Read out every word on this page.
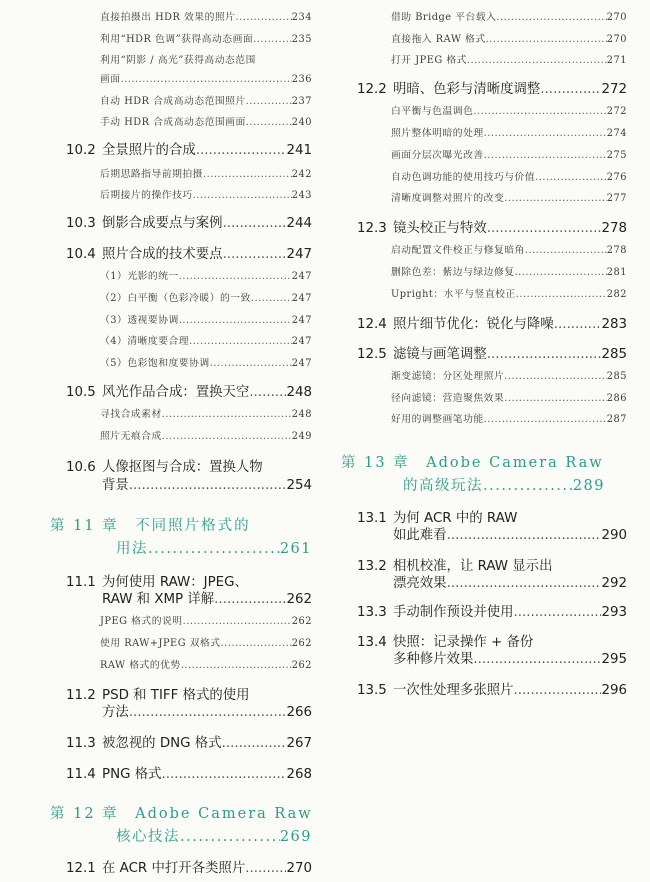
直接拍摄出 HDR 效果的照片 .....	234
利用“HDR 色调”获得高动态画面 .....	235
利用“阴影 / 高光”获得高动态范围
画面 .....	236
自动 HDR 合成高动态范围照片 .....	237
手动 HDR 合成高动态范围画面 .....	240
10.2 全景照片的合成 .....	241
后期思路指导前期拍摄 .....	242
后期接片的操作技巧 .....	243
10.3 倒影合成要点与案例 .....	244
10.4 照片合成的技术要点 .....	247
（1）光影的统一 .....	247
（2）白平衡（色彩冷暖）的一致 .....	247
（3）透视要协调 .....	247
（4）清晰度要合理 .....	247
（5）色彩饱和度要协调 .....	247
10.5 风光作品合成：置换天空 .....	248
寻找合成素材 .....	248
照片无痕合成 .....	249
10.6 人像抠图与合成：置换人物
背景 .....	254
第 11 章　不同照片格式的
用法 .....	261
11.1 为何使用 RAW：JPEG、
RAW 和 XMP 详解 .....	262
JPEG 格式的说明 .....	262
使用 RAW+JPEG 双格式 .....	262
RAW 格式的优势 .....	262
11.2 PSD 和 TIFF 格式的使用
方法 .....	266
11.3 被忽视的 DNG 格式 .....	267
11.4 PNG 格式 .....	268
第 12 章　Adobe Camera Raw
核心技法 .....	269
12.1 在 ACR 中打开各类照片 .....	270
借助 Bridge 平台载入 .....	270
直接拖入 RAW 格式 .....	270
打开 JPEG 格式 .....	271
12.2 明暗、色彩与清晰度调整 .....	272
白平衡与色温调色 .....	272
照片整体明暗的处理 .....	274
画面分层次曝光改善 .....	275
自动色调功能的使用技巧与价值 .....	276
清晰度调整对照片的改变 .....	277
12.3 镜头校正与特效 .....	278
启动配置文件校正与修复暗角 .....	278
删除色差：紫边与绿边修复 .....	281
Upright：水平与竖直校正 .....	282
12.4 照片细节优化：锐化与降噪 .....	283
12.5 滤镜与画笔调整 .....	285
渐变滤镜：分区处理照片 .....	285
径向滤镜：营造聚焦效果 .....	286
好用的调整画笔功能 .....	287
第 13 章　Adobe Camera Raw
的高级玩法 .....	289
13.1 为何 ACR 中的 RAW
如此难看 .....	290
13.2 相机校准，让 RAW 显示出
漂亮效果 .....	292
13.3 手动制作预设并使用 .....	293
13.4 快照：记录操作 + 备份
多种修片效果 .....	295
13.5 一次性处理多张照片 .....	296
